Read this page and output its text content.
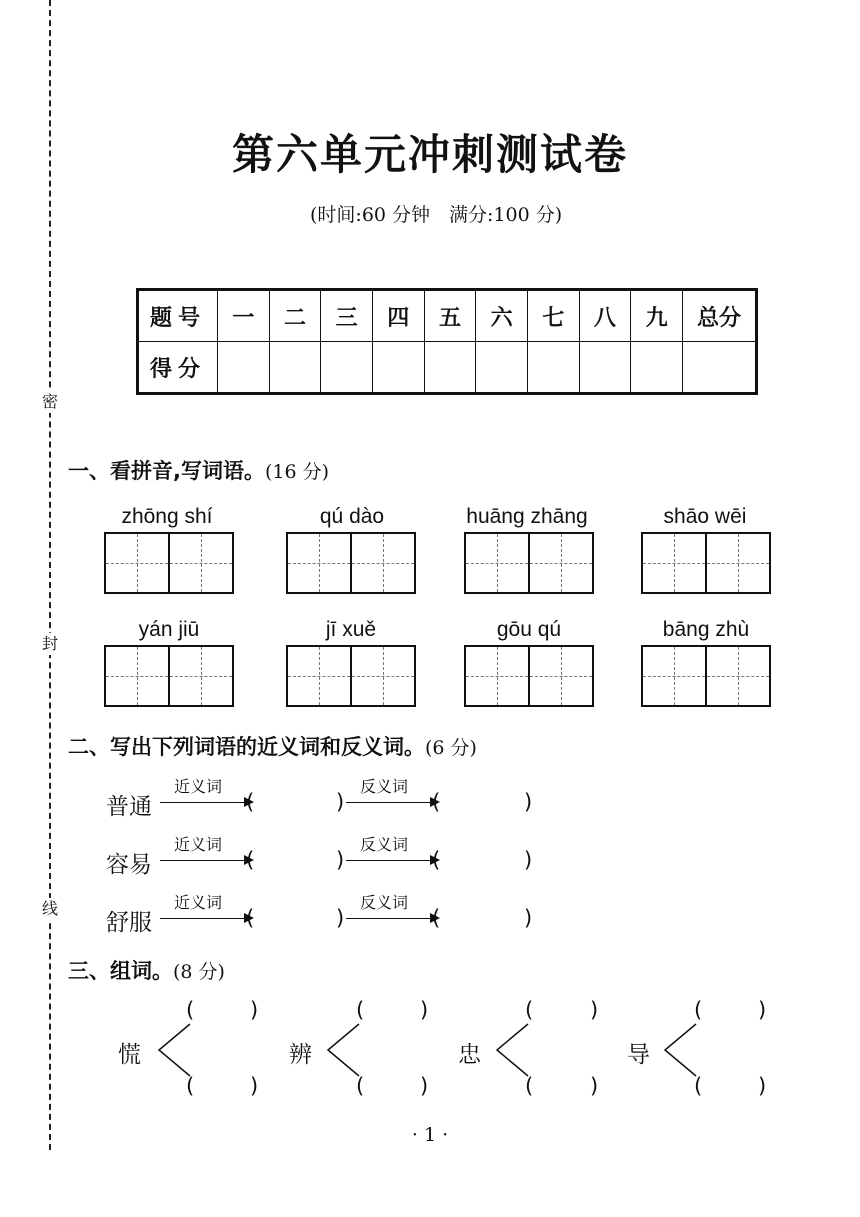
密
封
线
第六单元冲刺测试卷
(时间:60 分钟　满分:100 分)
题号	一	二	三	四	五	六	七	八	九	总分
得分										
一、看拼音,写词语。(16 分)
zhōng shí	qú dào	huāng zhāng	shāo wēi
yán jiū	jī xuě	gōu qú	bāng zhù
二、写出下列词语的近义词和反义词。(6 分)
普通
近义词
(	)
反义词
(	)
容易
近义词
(	)
反义词
(	)
舒服
近义词
(	)
反义词
(	)
三、组词。(8 分)
慌
(	)
(	)
辨
(	)
(	)
忠
(	)
(	)
导
(	)
(	)
· 1 ·
